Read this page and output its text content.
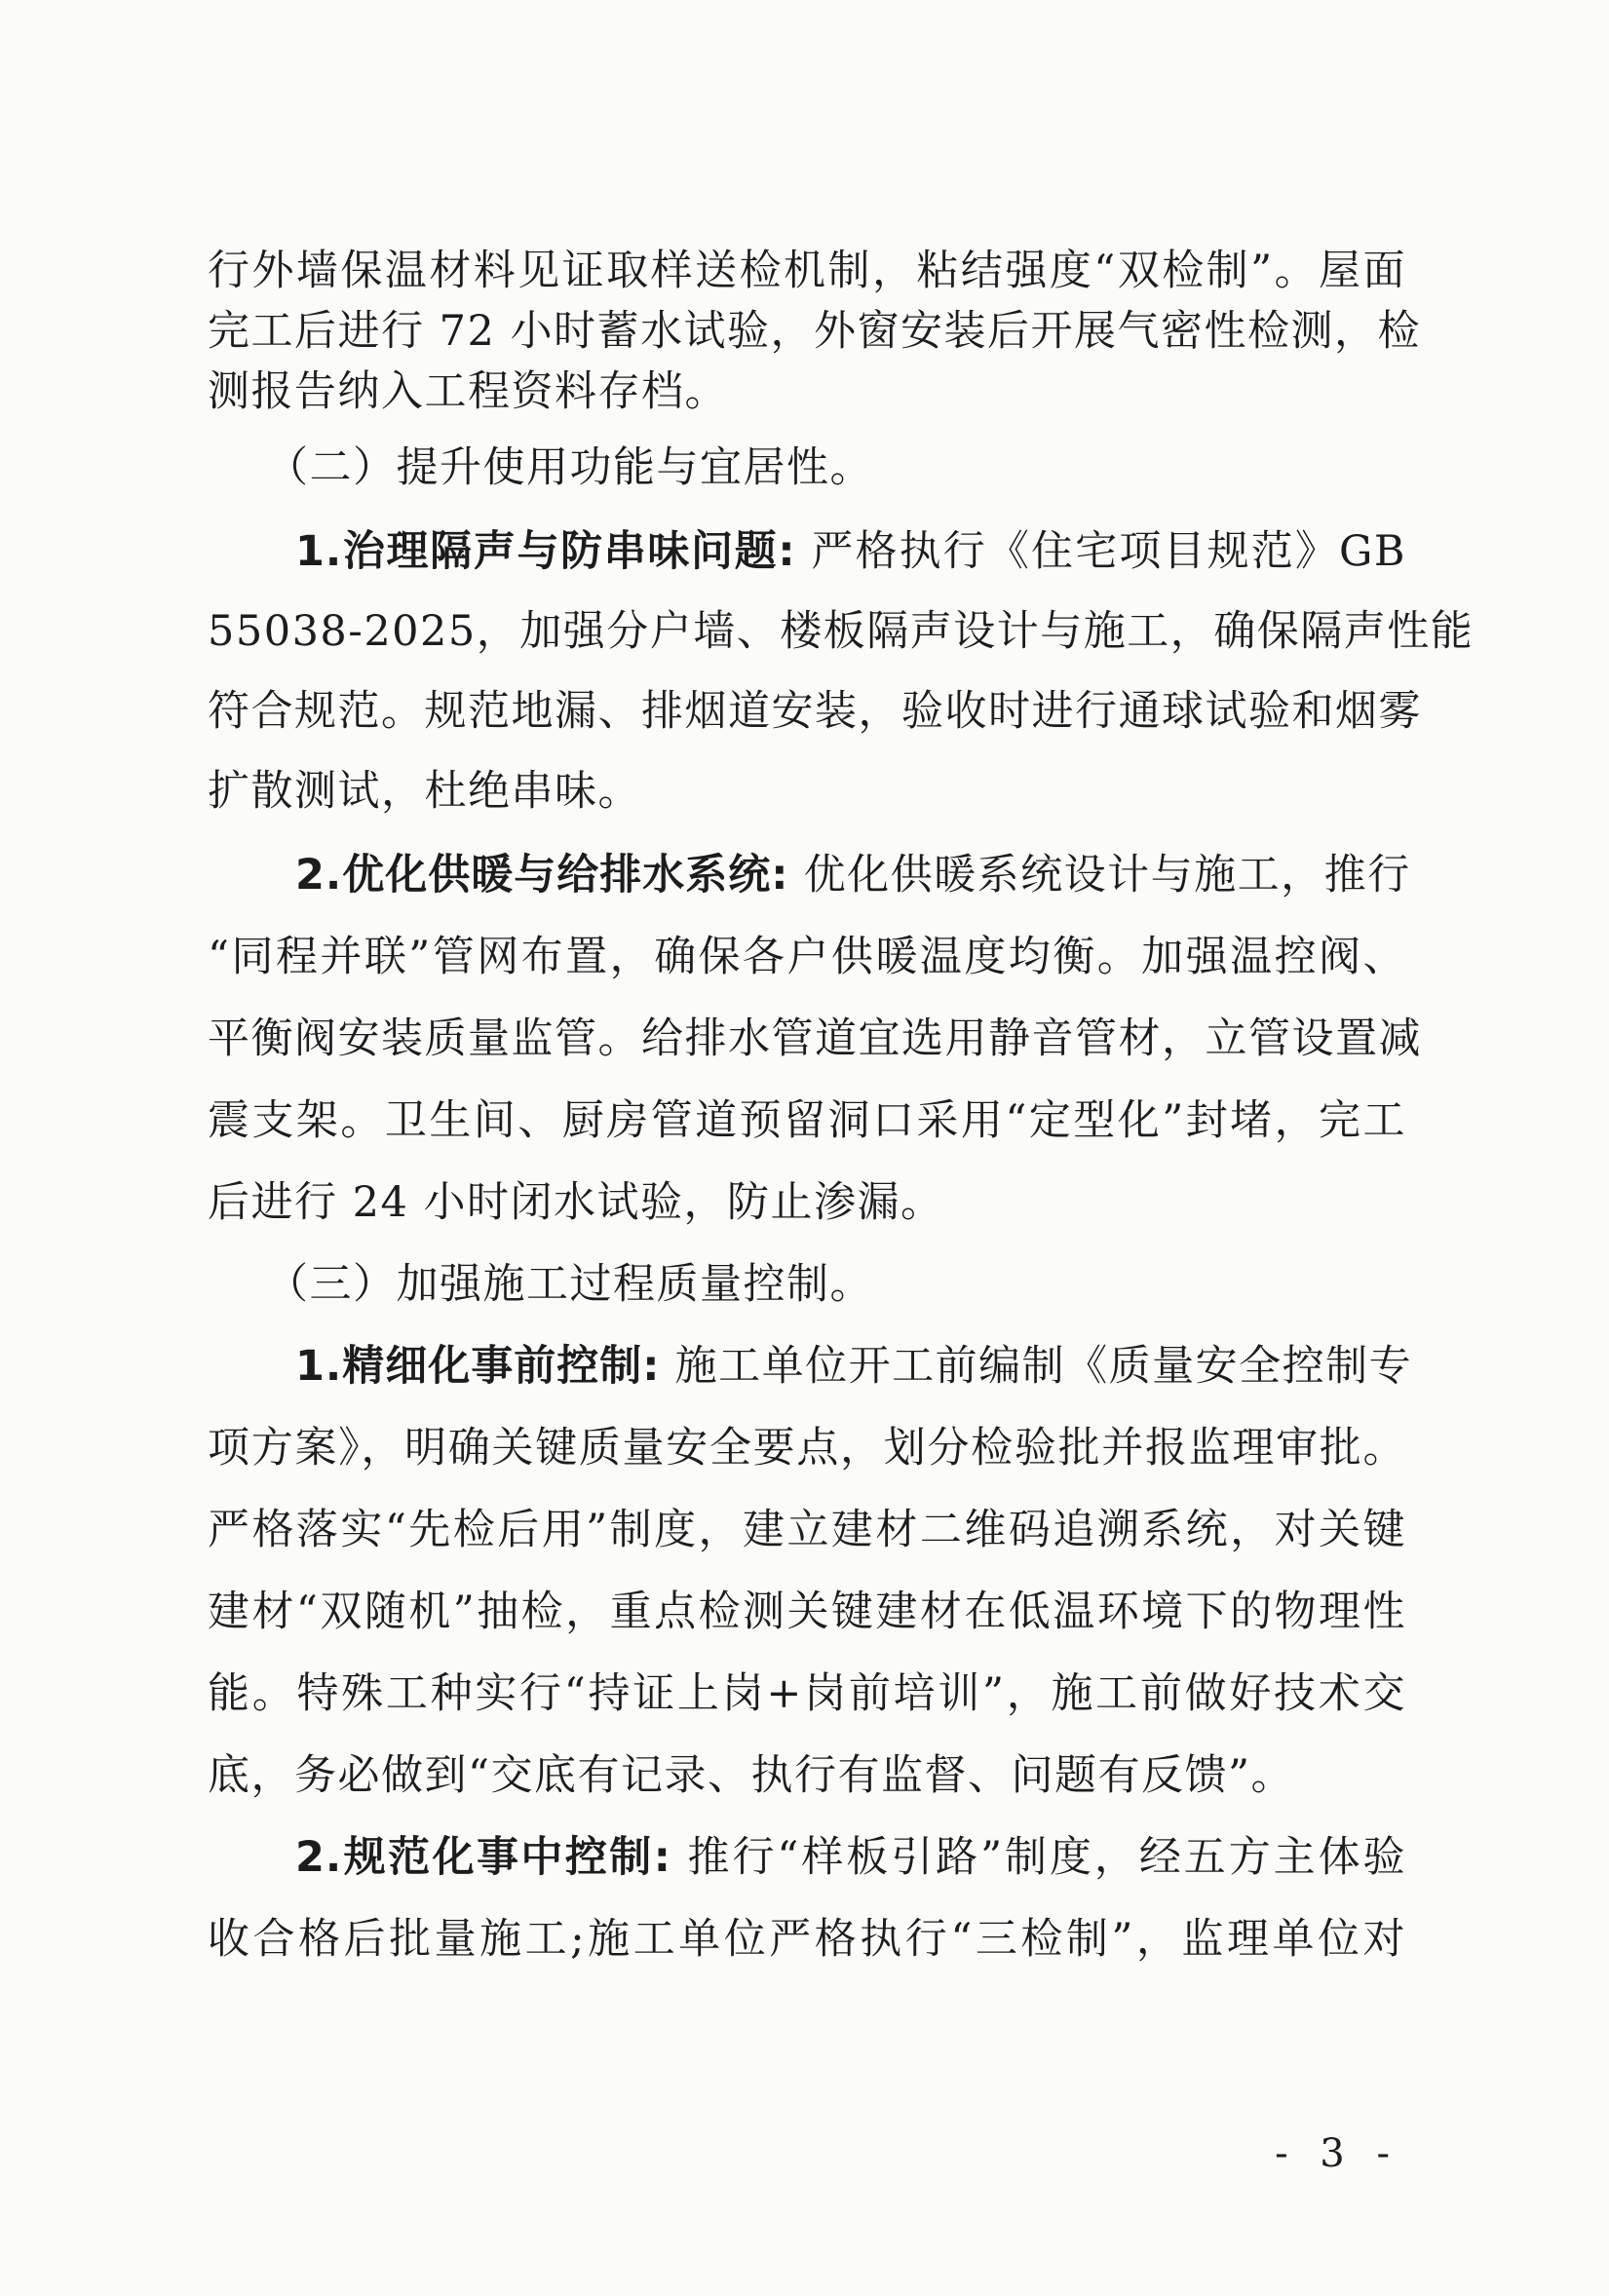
行外墙保温材料见证取样送检机制，粘结强度“双检制”。屋面
完工后进行 72 小时蓄水试验，外窗安装后开展气密性检测，检
测报告纳入工程资料存档。
（二）提升使用功能与宜居性。
1.治理隔声与防串味问题: 严格执行《住宅项目规范》GB
55038-2025，加强分户墙、楼板隔声设计与施工，确保隔声性能
符合规范。规范地漏、排烟道安装，验收时进行通球试验和烟雾
扩散测试，杜绝串味。
2.优化供暖与给排水系统: 优化供暖系统设计与施工，推行
“同程并联”管网布置，确保各户供暖温度均衡。加强温控阀、
平衡阀安装质量监管。给排水管道宜选用静音管材，立管设置减
震支架。卫生间、厨房管道预留洞口采用“定型化”封堵，完工
后进行 24 小时闭水试验，防止渗漏。
（三）加强施工过程质量控制。
1.精细化事前控制: 施工单位开工前编制《质量安全控制专
项方案》，明确关键质量安全要点，划分检验批并报监理审批。
严格落实“先检后用”制度，建立建材二维码追溯系统，对关键
建材“双随机”抽检，重点检测关键建材在低温环境下的物理性
能。特殊工种实行“持证上岗+岗前培训”，施工前做好技术交
底，务必做到“交底有记录、执行有监督、问题有反馈”。
2.规范化事中控制: 推行“样板引路”制度，经五方主体验
收合格后批量施工;施工单位严格执行“三检制”，监理单位对
- 3 -
